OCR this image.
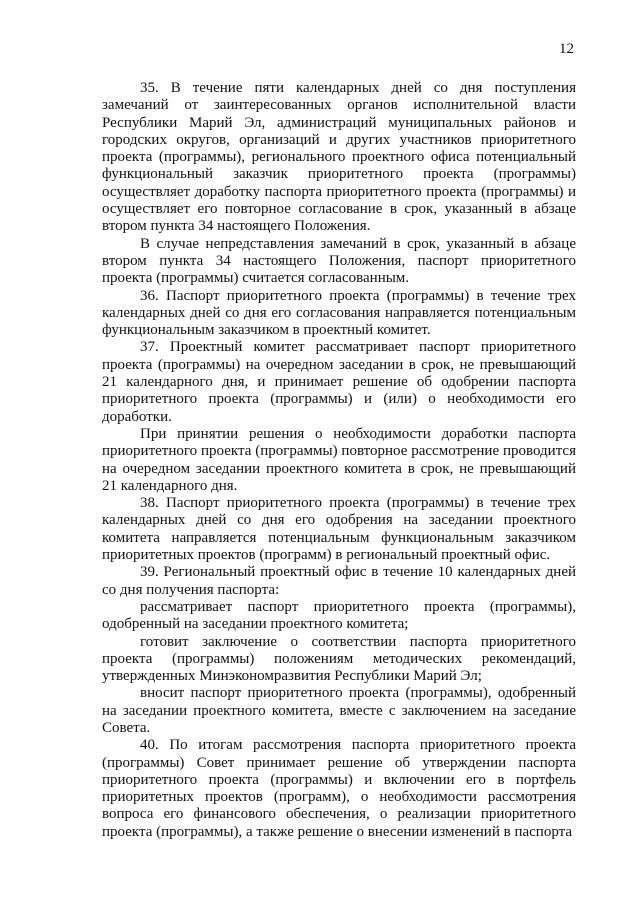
12

35. В течение пяти календарных дней со дня поступления замечаний от заинтересованных органов исполнительной власти Республики Марий Эл, администраций муниципальных районов и городских округов, организаций и других участников приоритетного проекта (программы), регионального проектного офиса потенциальный функциональный заказчик приоритетного проекта (программы) осуществляет доработку паспорта приоритетного проекта (программы) и осуществляет его повторное согласование в срок, указанный в абзаце втором пункта 34 настоящего Положения.

В случае непредставления замечаний в срок, указанный в абзаце втором пункта 34 настоящего Положения, паспорт приоритетного проекта (программы) считается согласованным.

36. Паспорт приоритетного проекта (программы) в течение трех календарных дней со дня его согласования направляется потенциальным функциональным заказчиком в проектный комитет.

37. Проектный комитет рассматривает паспорт приоритетного проекта (программы) на очередном заседании в срок, не превышающий 21 календарного дня, и принимает решение об одобрении паспорта приоритетного проекта (программы) и (или) о необходимости его доработки.

При принятии решения о необходимости доработки паспорта приоритетного проекта (программы) повторное рассмотрение проводится на очередном заседании проектного комитета в срок, не превышающий 21 календарного дня.

38. Паспорт приоритетного проекта (программы) в течение трех календарных дней со дня его одобрения на заседании проектного комитета направляется потенциальным функциональным заказчиком приоритетных проектов (программ) в региональный проектный офис.

39. Региональный проектный офис в течение 10 календарных дней со дня получения паспорта:

рассматривает паспорт приоритетного проекта (программы), одобренный на заседании проектного комитета;

готовит заключение о соответствии паспорта приоритетного проекта (программы) положениям методических рекомендаций, утвержденных Минэкономразвития Республики Марий Эл;

вносит паспорт приоритетного проекта (программы), одобренный на заседании проектного комитета, вместе с заключением на заседание Совета.

40. По итогам рассмотрения паспорта приоритетного проекта (программы) Совет принимает решение об утверждении паспорта приоритетного проекта (программы) и включении его в портфель приоритетных проектов (программ), о необходимости рассмотрения вопроса его финансового обеспечения, о реализации приоритетного проекта (программы), а также решение о внесении изменений в паспорта
